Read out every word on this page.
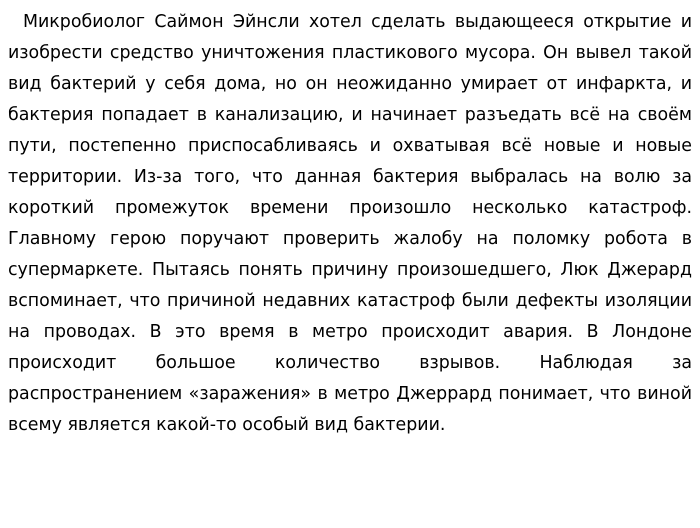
Микробиолог Саймон Эйнсли хотел сделать выдающееся открытие и изобрести средство уничтожения пластикового мусора. Он вывел такой вид бактерий у себя дома, но он неожиданно умирает от инфаркта, и бактерия попадает в канализацию, и начинает разъедать всё на своём пути, постепенно приспосабливаясь и охватывая всё новые и новые территории. Из-за того, что данная бактерия выбралась на волю за короткий промежуток времени произошло несколько катастроф. Главному герою поручают проверить жалобу на поломку робота в супермаркете. Пытаясь понять причину произошедшего, Люк Джерард вспоминает, что причиной недавних катастроф были дефекты изоляции на проводах. В это время в метро происходит авария. В Лондоне происходит большое количество взрывов. Наблюдая за распространением «заражения» в метро Джеррард понимает, что виной всему является какой-то особый вид бактерии.
